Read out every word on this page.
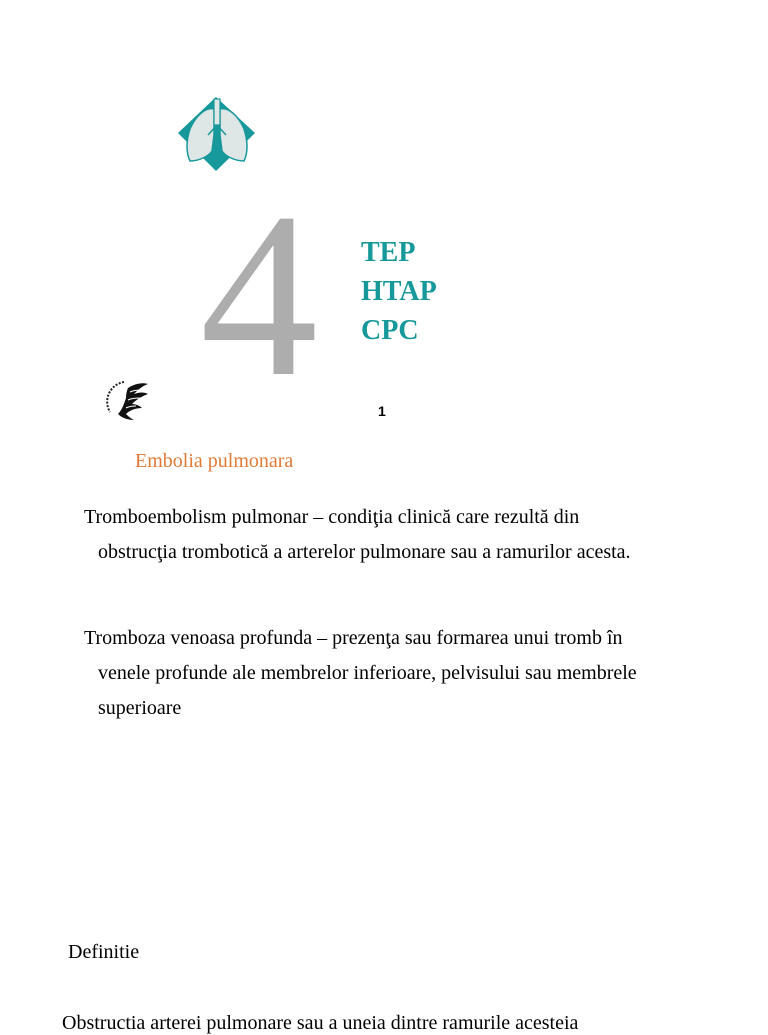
4 TEP
HTAP
CPC
1
Embolia pulmonara
Tromboembolism pulmonar – condiţia clinică care rezultă din
obstrucţia trombotică a arterelor pulmonare sau a ramurilor acesta.
Tromboza venoasa profunda – prezenţa sau formarea unui tromb în
venele profunde ale membrelor inferioare, pelvisului sau membrele
superioare
Definitie
Obstructia arterei pulmonare sau a uneia dintre ramurile acesteia
